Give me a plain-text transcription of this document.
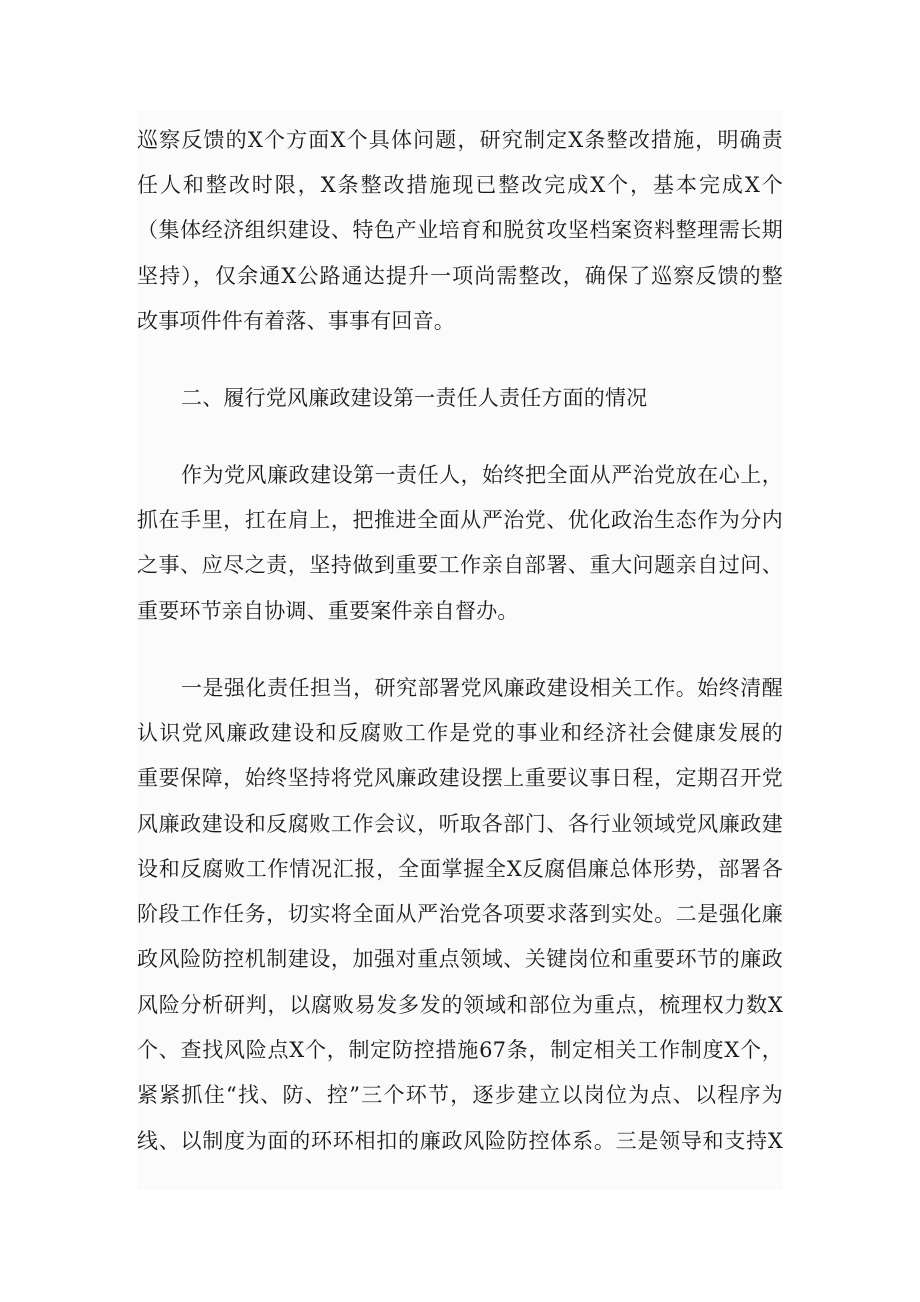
巡察反馈的X个方面X个具体问题，研究制定X条整改措施，明确责
任人和整改时限，X条整改措施现已整改完成X个，基本完成X个
（集体经济组织建设、特色产业培育和脱贫攻坚档案资料整理需长期
坚持），仅余通X公路通达提升一项尚需整改，确保了巡察反馈的整
改事项件件有着落、事事有回音。
二、履行党风廉政建设第一责任人责任方面的情况
作为党风廉政建设第一责任人，始终把全面从严治党放在心上，
抓在手里，扛在肩上，把推进全面从严治党、优化政治生态作为分内
之事、应尽之责，坚持做到重要工作亲自部署、重大问题亲自过问、
重要环节亲自协调、重要案件亲自督办。
一是强化责任担当，研究部署党风廉政建设相关工作。始终清醒
认识党风廉政建设和反腐败工作是党的事业和经济社会健康发展的
重要保障，始终坚持将党风廉政建设摆上重要议事日程，定期召开党
风廉政建设和反腐败工作会议，听取各部门、各行业领域党风廉政建
设和反腐败工作情况汇报，全面掌握全X反腐倡廉总体形势，部署各
阶段工作任务，切实将全面从严治党各项要求落到实处。二是强化廉
政风险防控机制建设，加强对重点领域、关键岗位和重要环节的廉政
风险分析研判，以腐败易发多发的领域和部位为重点，梳理权力数X
个、查找风险点X个，制定防控措施67条，制定相关工作制度X个，
紧紧抓住“找、防、控”三个环节，逐步建立以岗位为点、以程序为
线、以制度为面的环环相扣的廉政风险防控体系。三是领导和支持X
